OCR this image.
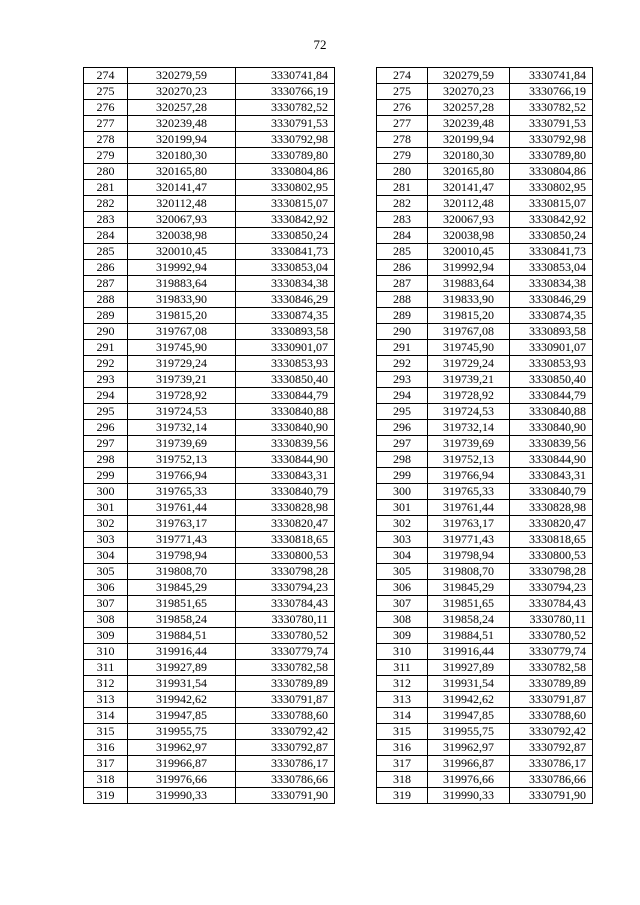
72
274	320279,59	3330741,84
275	320270,23	3330766,19
276	320257,28	3330782,52
277	320239,48	3330791,53
278	320199,94	3330792,98
279	320180,30	3330789,80
280	320165,80	3330804,86
281	320141,47	3330802,95
282	320112,48	3330815,07
283	320067,93	3330842,92
284	320038,98	3330850,24
285	320010,45	3330841,73
286	319992,94	3330853,04
287	319883,64	3330834,38
288	319833,90	3330846,29
289	319815,20	3330874,35
290	319767,08	3330893,58
291	319745,90	3330901,07
292	319729,24	3330853,93
293	319739,21	3330850,40
294	319728,92	3330844,79
295	319724,53	3330840,88
296	319732,14	3330840,90
297	319739,69	3330839,56
298	319752,13	3330844,90
299	319766,94	3330843,31
300	319765,33	3330840,79
301	319761,44	3330828,98
302	319763,17	3330820,47
303	319771,43	3330818,65
304	319798,94	3330800,53
305	319808,70	3330798,28
306	319845,29	3330794,23
307	319851,65	3330784,43
308	319858,24	3330780,11
309	319884,51	3330780,52
310	319916,44	3330779,74
311	319927,89	3330782,58
312	319931,54	3330789,89
313	319942,62	3330791,87
314	319947,85	3330788,60
315	319955,75	3330792,42
316	319962,97	3330792,87
317	319966,87	3330786,17
318	319976,66	3330786,66
319	319990,33	3330791,90
274	320279,59	3330741,84
275	320270,23	3330766,19
276	320257,28	3330782,52
277	320239,48	3330791,53
278	320199,94	3330792,98
279	320180,30	3330789,80
280	320165,80	3330804,86
281	320141,47	3330802,95
282	320112,48	3330815,07
283	320067,93	3330842,92
284	320038,98	3330850,24
285	320010,45	3330841,73
286	319992,94	3330853,04
287	319883,64	3330834,38
288	319833,90	3330846,29
289	319815,20	3330874,35
290	319767,08	3330893,58
291	319745,90	3330901,07
292	319729,24	3330853,93
293	319739,21	3330850,40
294	319728,92	3330844,79
295	319724,53	3330840,88
296	319732,14	3330840,90
297	319739,69	3330839,56
298	319752,13	3330844,90
299	319766,94	3330843,31
300	319765,33	3330840,79
301	319761,44	3330828,98
302	319763,17	3330820,47
303	319771,43	3330818,65
304	319798,94	3330800,53
305	319808,70	3330798,28
306	319845,29	3330794,23
307	319851,65	3330784,43
308	319858,24	3330780,11
309	319884,51	3330780,52
310	319916,44	3330779,74
311	319927,89	3330782,58
312	319931,54	3330789,89
313	319942,62	3330791,87
314	319947,85	3330788,60
315	319955,75	3330792,42
316	319962,97	3330792,87
317	319966,87	3330786,17
318	319976,66	3330786,66
319	319990,33	3330791,90
